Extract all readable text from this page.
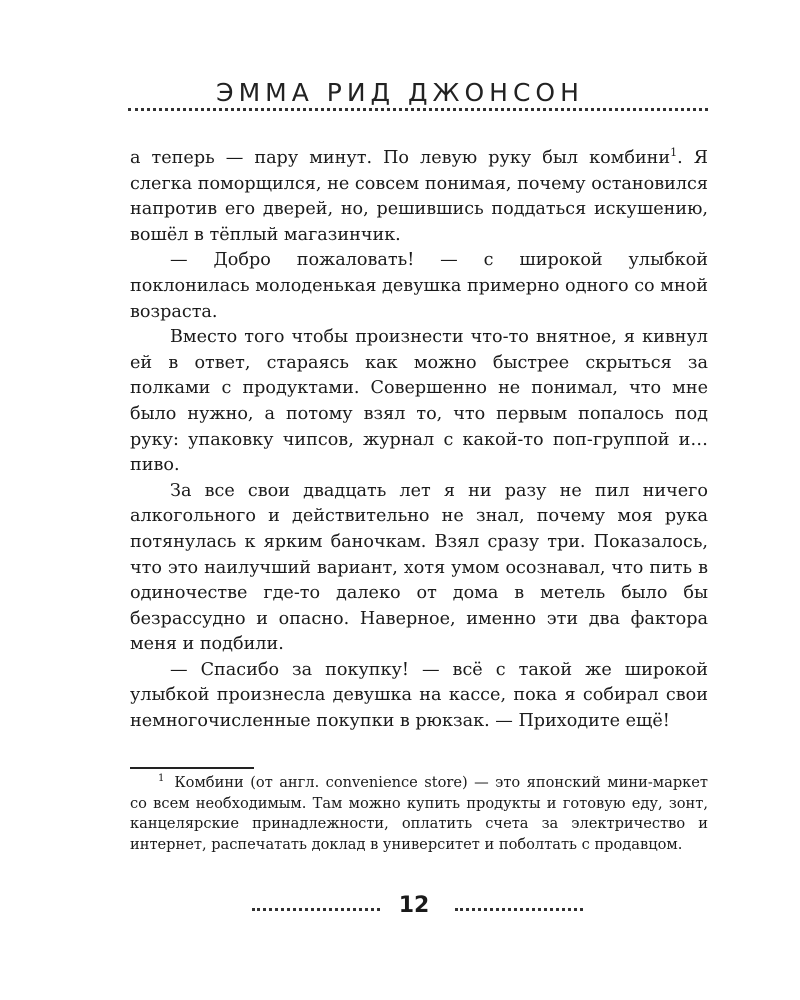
ЭММА РИД ДЖОНСОН

а теперь — пару минут. По левую руку был комбини$^1$. Я слегка поморщился, не совсем понимая, почему остановился напротив его дверей, но, решившись поддаться искушению, вошёл в тёплый магазинчик.

— Добро пожаловать! — с широкой улыбкой поклонилась молоденькая девушка примерно одного со мной возраста.

Вместо того чтобы произнести что-то внятное, я кивнул ей в ответ, стараясь как можно быстрее скрыться за полками с продуктами. Совершенно не понимал, что мне было нужно, а потому взял то, что первым попалось под руку: упаковку чипсов, журнал с какой-то поп-группой и… пиво.

За все свои двадцать лет я ни разу не пил ничего алкогольного и действительно не знал, почему моя рука потянулась к ярким баночкам. Взял сразу три. Показалось, что это наилучший вариант, хотя умом осознавал, что пить в одиночестве где-то далеко от дома в метель было бы безрассудно и опасно. Наверное, именно эти два фактора меня и подбили.

— Спасибо за покупку! — всё с такой же широкой улыбкой произнесла девушка на кассе, пока я собирал свои немногочисленные покупки в рюкзак. — Приходите ещё!

$^1$ Комбини (от англ. convenience store) — это японский мини-маркет со всем необходимым. Там можно купить продукты и готовую еду, зонт, канцелярские принадлежности, оплатить счета за электричество и интернет, распечатать доклад в университет и поболтать с продавцом.

12
